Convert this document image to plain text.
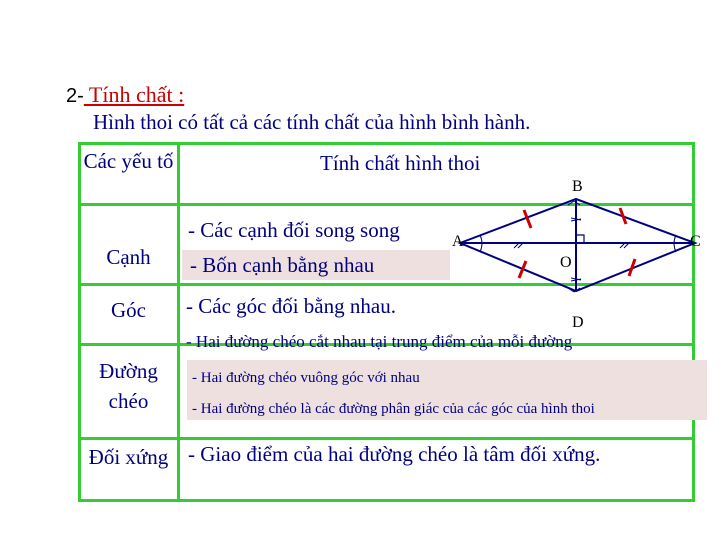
2- Tính chất :
Hình thoi có tất cả các tính chất của hình bình hành.
Các yếu tố
Cạnh
Góc
Đường chéo
Đối xứng
Tính chất hình thoi
- Các cạnh đối song song
- Bốn cạnh bằng nhau
- Các góc đối bằng nhau.
- Hai đường chéo cắt nhau tại trung điểm của mỗi đường
- Hai đường chéo vuông góc với nhau
- Hai đường chéo là các đường phân giác của các góc của hình thoi
- Giao điểm của hai đường chéo là tâm đối xứng.
A
B
C
D
O
